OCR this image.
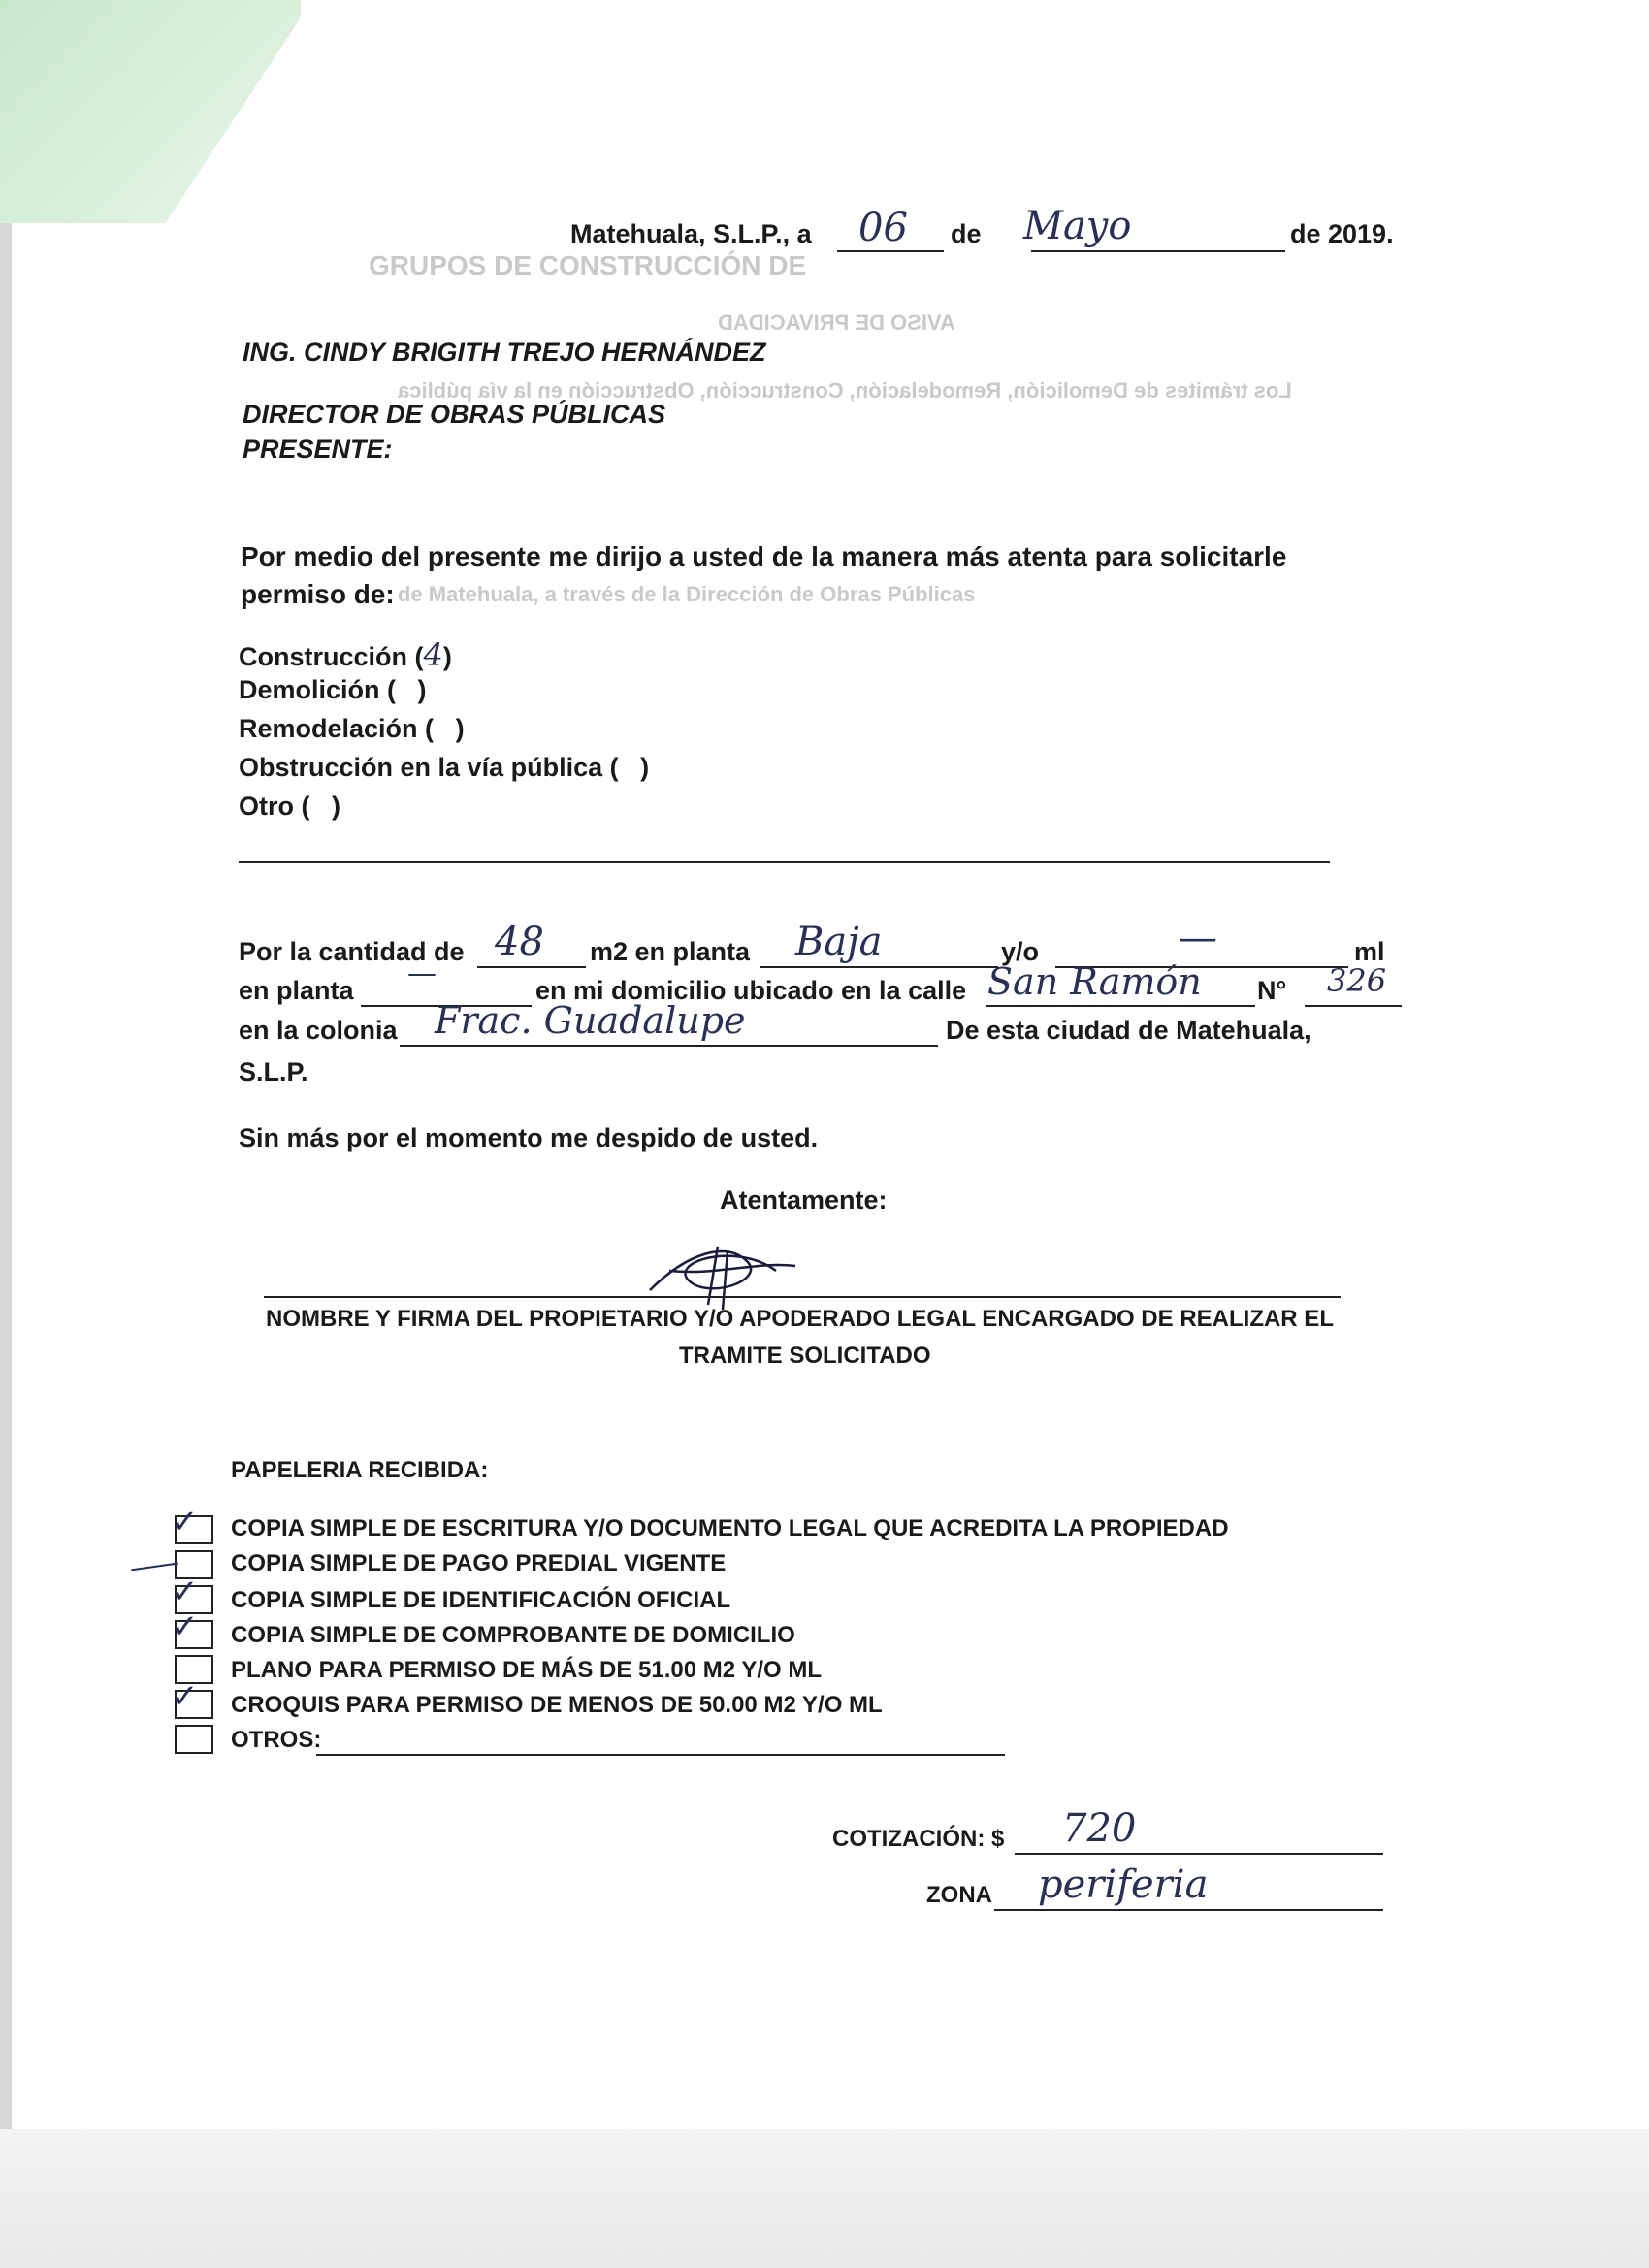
AVISO DE PRIVACIDAD
GRUPOS DE CONSTRUCCIÓN DE
Los trámites de Demolición, Remodelación, Construcción, Obstrucción en la vía pública
de Matehuala, a través de la Dirección de Obras Públicas
Matehuala, S.L.P., a 06 de Mayo	de 2019.
ING. CINDY BRIGITH TREJO HERNÁNDEZ
DIRECTOR DE OBRAS PÚBLICAS
PRESENTE:
Por medio del presente me dirijo a usted de la manera más atenta para solicitarle
permiso de:
Construcción (4)
Demolición ( )
Remodelación ( )
Obstrucción en la vía pública ( )
Otro ( )
Por la cantidad de 48 m2 en planta Baja	y/o	—	ml
en planta —	en mi domicilio ubicado en la calle San Ramón N° 326
en la colonia Frac. Guadalupe	De esta ciudad de Matehuala,
S.L.P.
Sin más por el momento me despido de usted.
Atentamente:
NOMBRE Y FIRMA DEL PROPIETARIO Y/O APODERADO LEGAL ENCARGADO DE REALIZAR EL
TRAMITE SOLICITADO
PAPELERIA RECIBIDA:
✓ COPIA SIMPLE DE ESCRITURA Y/O DOCUMENTO LEGAL QUE ACREDITA LA PROPIEDAD
COPIA SIMPLE DE PAGO PREDIAL VIGENTE
✓ COPIA SIMPLE DE IDENTIFICACIÓN OFICIAL
✓ COPIA SIMPLE DE COMPROBANTE DE DOMICILIO
PLANO PARA PERMISO DE MÁS DE 51.00 M2 Y/O ML
✓ CROQUIS PARA PERMISO DE MENOS DE 50.00 M2 Y/O ML
OTROS:
COTIZACIÓN: $ 720
ZONA periferia
